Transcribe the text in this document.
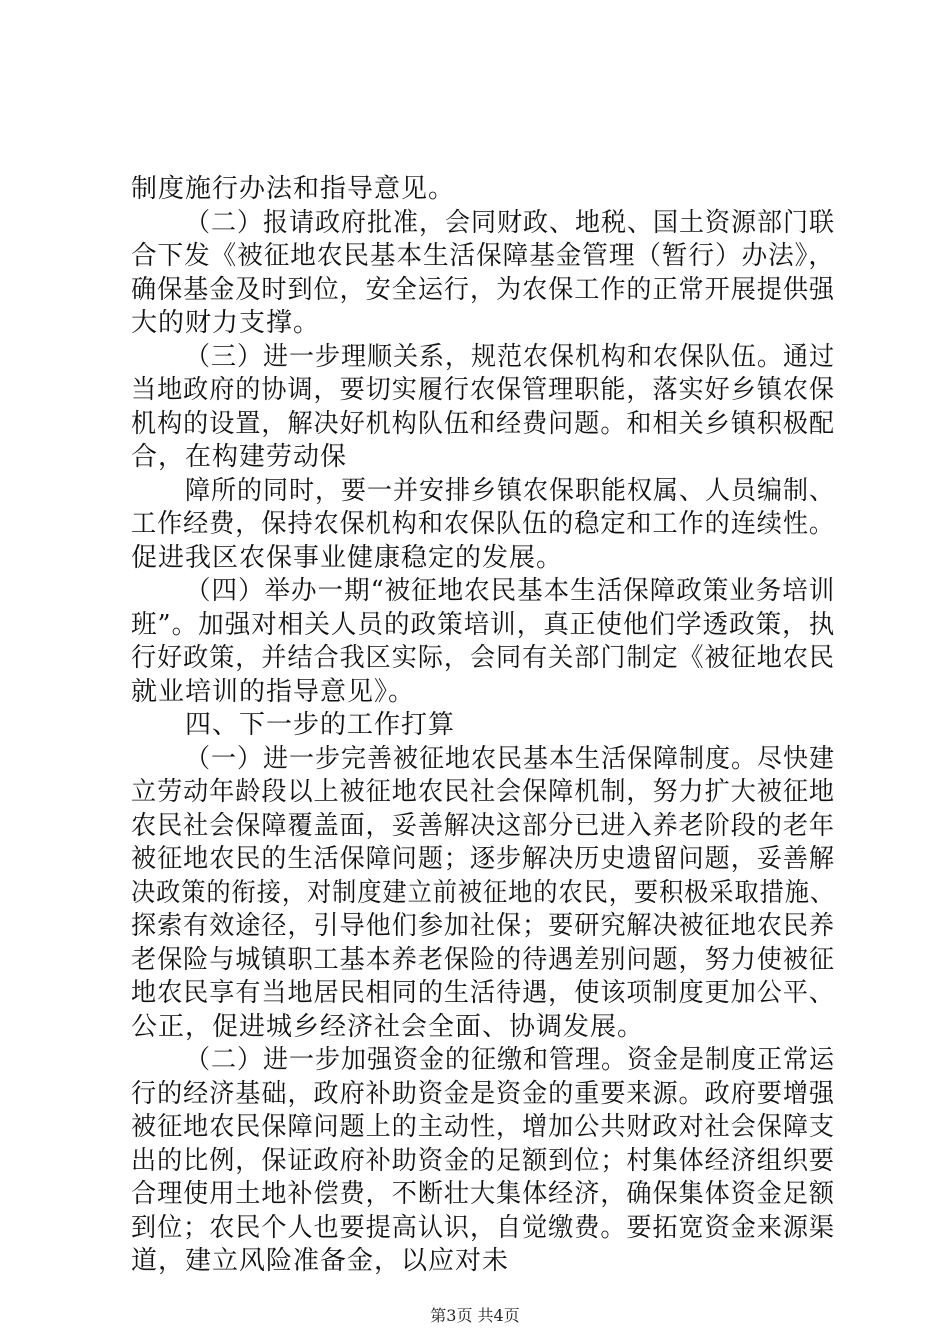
制度施行办法和指导意见。
（二）报请政府批准，会同财政、地税、国土资源部门联
合下发《被征地农民基本生活保障基金管理（暂行）办法》，
确保基金及时到位，安全运行，为农保工作的正常开展提供强
大的财力支撑。
（三）进一步理顺关系，规范农保机构和农保队伍。通过
当地政府的协调，要切实履行农保管理职能，落实好乡镇农保
机构的设置，解决好机构队伍和经费问题。和相关乡镇积极配
合，在构建劳动保
障所的同时，要一并安排乡镇农保职能权属、人员编制、
工作经费，保持农保机构和农保队伍的稳定和工作的连续性。
促进我区农保事业健康稳定的发展。
（四）举办一期“被征地农民基本生活保障政策业务培训
班”。加强对相关人员的政策培训，真正使他们学透政策，执
行好政策，并结合我区实际，会同有关部门制定《被征地农民
就业培训的指导意见》。
四、下一步的工作打算
（一）进一步完善被征地农民基本生活保障制度。尽快建
立劳动年龄段以上被征地农民社会保障机制，努力扩大被征地
农民社会保障覆盖面，妥善解决这部分已进入养老阶段的老年
被征地农民的生活保障问题；逐步解决历史遗留问题，妥善解
决政策的衔接，对制度建立前被征地的农民，要积极采取措施、
探索有效途径，引导他们参加社保；要研究解决被征地农民养
老保险与城镇职工基本养老保险的待遇差别问题，努力使被征
地农民享有当地居民相同的生活待遇，使该项制度更加公平、
公正，促进城乡经济社会全面、协调发展。
（二）进一步加强资金的征缴和管理。资金是制度正常运
行的经济基础，政府补助资金是资金的重要来源。政府要增强
被征地农民保障问题上的主动性，增加公共财政对社会保障支
出的比例，保证政府补助资金的足额到位；村集体经济组织要
合理使用土地补偿费，不断壮大集体经济，确保集体资金足额
到位；农民个人也要提高认识，自觉缴费。要拓宽资金来源渠
道，建立风险准备金，以应对未
第3页 共4页
